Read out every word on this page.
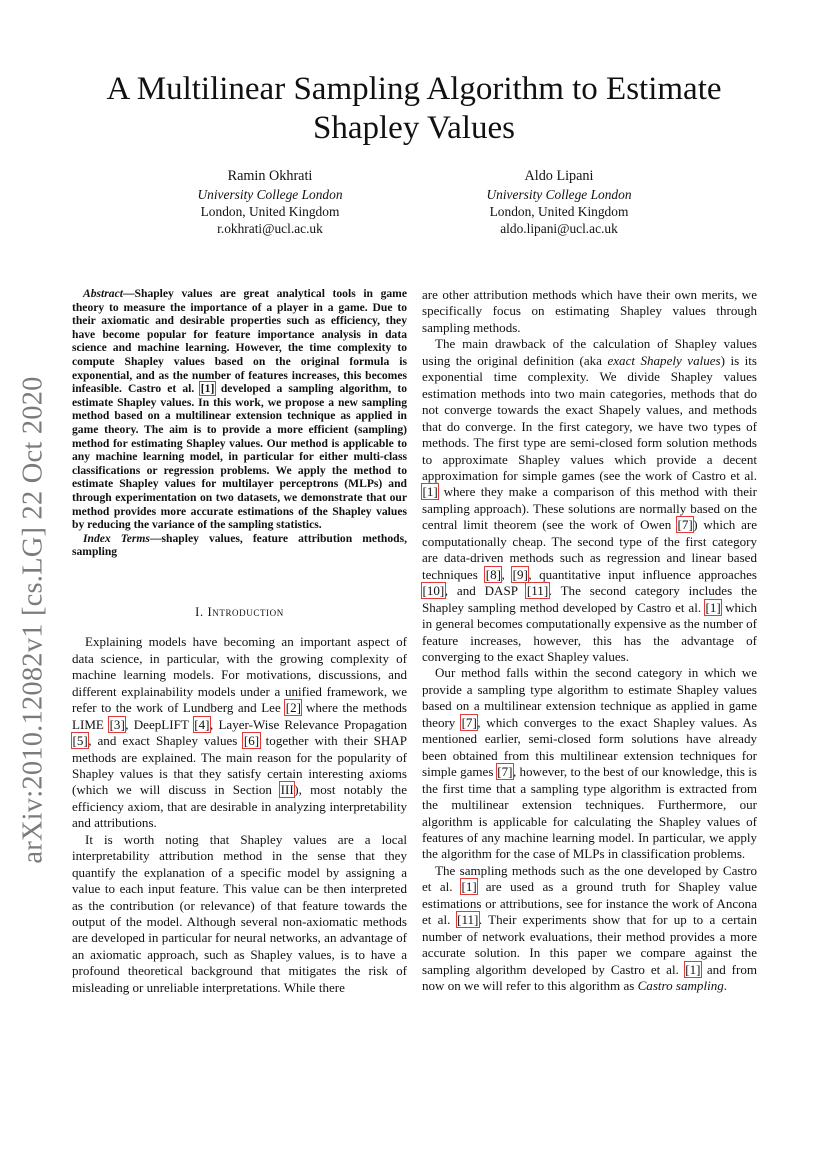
arXiv:2010.12082v1 [cs.LG] 22 Oct 2020
A Multilinear Sampling Algorithm to Estimate Shapley Values
Ramin Okhrati
University College London
London, United Kingdom
r.okhrati@ucl.ac.uk
Aldo Lipani
University College London
London, United Kingdom
aldo.lipani@ucl.ac.uk

Abstract—Shapley values are great analytical tools in game theory to measure the importance of a player in a game. Due to their axiomatic and desirable properties such as efficiency, they have become popular for feature importance analysis in data science and machine learning. However, the time complexity to compute Shapley values based on the original formula is exponential, and as the number of features increases, this becomes infeasible. Castro et al. [1] developed a sampling algorithm, to estimate Shapley values. In this work, we propose a new sampling method based on a multilinear extension technique as applied in game theory. The aim is to provide a more efficient (sampling) method for estimating Shapley values. Our method is applicable to any machine learning model, in particular for either multi-class classifications or regression problems. We apply the method to estimate Shapley values for multilayer perceptrons (MLPs) and through experimentation on two datasets, we demonstrate that our method provides more accurate estimations of the Shapley values by reducing the variance of the sampling statistics.

Index Terms—shapley values, feature attribution methods, sampling

I. Introduction

Explaining models have becoming an important aspect of data science, in particular, with the growing complexity of machine learning models. For motivations, discussions, and different explainability models under a unified framework, we refer to the work of Lundberg and Lee [2] where the methods LIME [3], DeepLIFT [4], Layer-Wise Relevance Propagation [5], and exact Shapley values [6] together with their SHAP methods are explained. The main reason for the popularity of Shapley values is that they satisfy certain interesting axioms (which we will discuss in Section III), most notably the efficiency axiom, that are desirable in analyzing interpretability and attributions.

It is worth noting that Shapley values are a local interpretability attribution method in the sense that they quantify the explanation of a specific model by assigning a value to each input feature. This value can be then interpreted as the contribution (or relevance) of that feature towards the output of the model. Although several non-axiomatic methods are developed in particular for neural networks, an advantage of an axiomatic approach, such as Shapley values, is to have a profound theoretical background that mitigates the risk of misleading or unreliable interpretations. While there

are other attribution methods which have their own merits, we specifically focus on estimating Shapley values through sampling methods.

The main drawback of the calculation of Shapley values using the original definition (aka exact Shapely values) is its exponential time complexity. We divide Shapley values estimation methods into two main categories, methods that do not converge towards the exact Shapely values, and methods that do converge. In the first category, we have two types of methods. The first type are semi-closed form solution methods to approximate Shapley values which provide a decent approximation for simple games (see the work of Castro et al. [1] where they make a comparison of this method with their sampling approach). These solutions are normally based on the central limit theorem (see the work of Owen [7]) which are computationally cheap. The second type of the first category are data-driven methods such as regression and linear based techniques [8], [9], quantitative input influence approaches [10], and DASP [11]. The second category includes the Shapley sampling method developed by Castro et al. [1] which in general becomes computationally expensive as the number of feature increases, however, this has the advantage of converging to the exact Shapley values.

Our method falls within the second category in which we provide a sampling type algorithm to estimate Shapley values based on a multilinear extension technique as applied in game theory [7], which converges to the exact Shapley values. As mentioned earlier, semi-closed form solutions have already been obtained from this multilinear extension techniques for simple games [7], however, to the best of our knowledge, this is the first time that a sampling type algorithm is extracted from the multilinear extension techniques. Furthermore, our algorithm is applicable for calculating the Shapley values of features of any machine learning model. In particular, we apply the algorithm for the case of MLPs in classification problems.

The sampling methods such as the one developed by Castro et al. [1] are used as a ground truth for Shapley value estimations or attributions, see for instance the work of Ancona et al. [11]. Their experiments show that for up to a certain number of network evaluations, their method provides a more accurate solution. In this paper we compare against the sampling algorithm developed by Castro et al. [1] and from now on we will refer to this algorithm as Castro sampling.
